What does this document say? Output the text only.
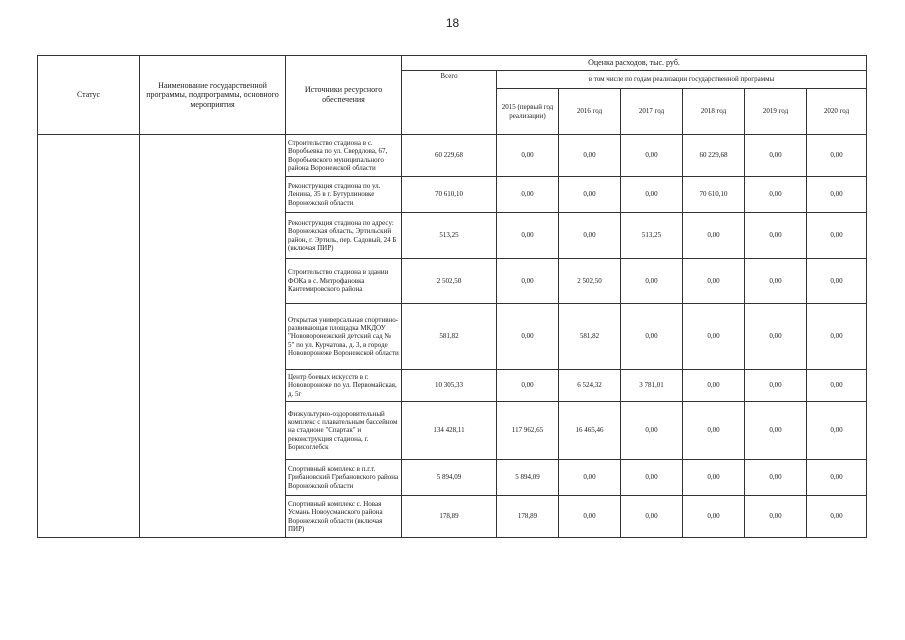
18
Статус	Наименование государственной программы, подпрограммы, основного мероприятия	Источники ресурсного обеспечения	Оценка расходов, тыс. руб.						
			Всего	в том числе по годам реализации государственной программы					
				2015 (первый год реализации)	2016 год	2017 год	2018 год	2019 год	2020 год
		Строительство стадиона в с. Воробьевка по ул. Свердлова, 67, Воробьевского муниципального района Воронежской области	60 229,68	0,00	0,00	0,00	60 229,68	0,00	0,00
		Реконструкция стадиона по ул. Ленина, 35 в г. Бутурлиновке Воронежской области	70 610,10	0,00	0,00	0,00	70 610,10	0,00	0,00
		Реконструкция стадиона по адресу: Воронежская область, Эртильский район, г. Эртиль, пер. Садовый, 24 Б (включая ПИР)	513,25	0,00	0,00	513,25	0,00	0,00	0,00
		Строительство стадиона в здании ФОКа в с. Митрофановка Кантемировского района	2 502,50	0,00	2 502,50	0,00	0,00	0,00	0,00
		Открытая универсальная спортивно-развивающая площадка МКДОУ "Нововоронежский детский сад № 5" по ул. Курчатова, д. 3, в городе Нововоронеже Воронежской области	581,82	0,00	581,82	0,00	0,00	0,00	0,00
		Центр боевых искусств в г. Нововоронеже по ул. Первомайская, д. 5г	10 305,33	0,00	6 524,32	3 781,01	0,00	0,00	0,00
		Физкультурно-оздоровительный комплекс с плавательным бассейном на стадионе "Спартак" и реконструкция стадиона, г. Борисоглебск	134 428,11	117 962,65	16 465,46	0,00	0,00	0,00	0,00
		Спортивный комплекс в п.г.т. Грибановский Грибановского района Воронежской области	5 894,09	5 894,09	0,00	0,00	0,00	0,00	0,00
		Спортивный комплекс с. Новая Усмань Новоусманского района Воронежской области (включая ПИР)	178,89	178,89	0,00	0,00	0,00	0,00	0,00
